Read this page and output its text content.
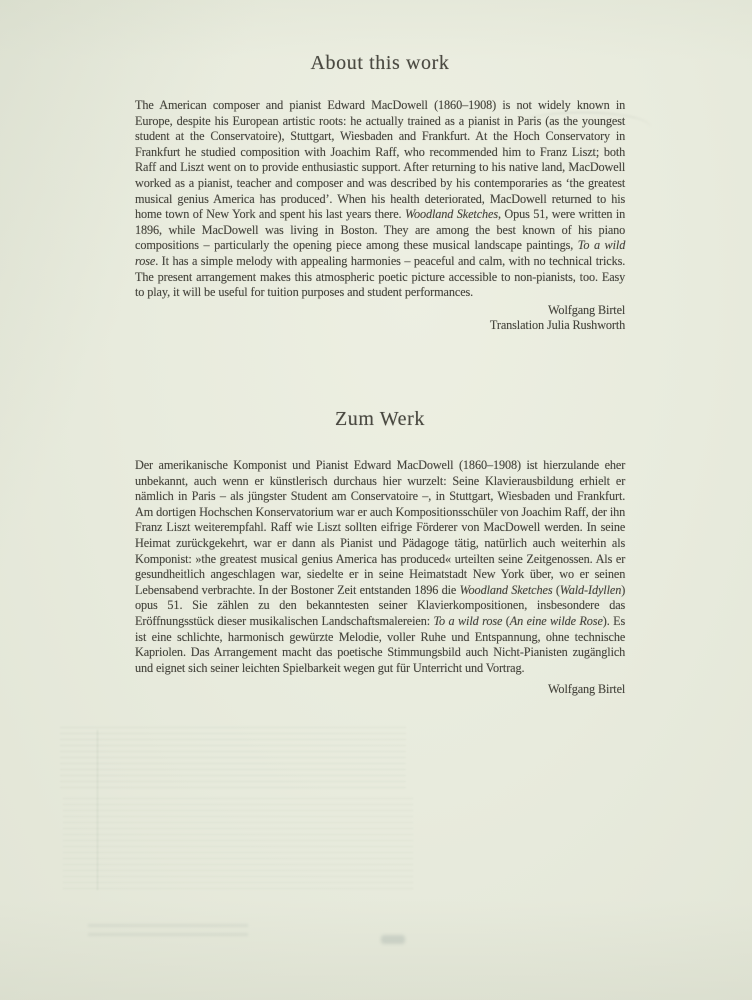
About this work
The American composer and pianist Edward MacDowell (1860–1908) is not widely known in Europe, despite his European artistic roots: he actually trained as a pianist in Paris (as the youngest student at the Conservatoire), Stuttgart, Wiesbaden and Frankfurt. At the Hoch Conservatory in Frankfurt he studied composition with Joachim Raff, who recommended him to Franz Liszt; both Raff and Liszt went on to provide enthusiastic support. After returning to his native land, MacDowell worked as a pianist, teacher and composer and was described by his contemporaries as ‘the greatest musical genius America has produced’. When his health deteriorated, MacDowell returned to his home town of New York and spent his last years there. Woodland Sketches, Opus 51, were written in 1896, while MacDowell was living in Boston. They are among the best known of his piano compositions – particularly the opening piece among these musical landscape paintings, To a wild rose. It has a simple melody with appealing harmonies – peaceful and calm, with no technical tricks. The present arrangement makes this atmospheric poetic picture accessible to non-pianists, too. Easy to play, it will be useful for tuition purposes and student performances.
Wolfgang Birtel
Translation Julia Rushworth
Zum Werk
Der amerikanische Komponist und Pianist Edward MacDowell (1860–1908) ist hierzulande eher unbekannt, auch wenn er künstlerisch durchaus hier wurzelt: Seine Klavierausbildung erhielt er nämlich in Paris – als jüngster Student am Conservatoire –, in Stuttgart, Wiesbaden und Frankfurt. Am dortigen Hochschen Konservatorium war er auch Kompositionsschüler von Joachim Raff, der ihn Franz Liszt weiterempfahl. Raff wie Liszt sollten eifrige Förderer von MacDowell werden. In seine Heimat zurückgekehrt, war er dann als Pianist und Pädagoge tätig, natürlich auch weiterhin als Komponist: »the greatest musical genius America has produced« urteilten seine Zeitgenossen. Als er gesundheitlich angeschlagen war, siedelte er in seine Heimatstadt New York über, wo er seinen Lebensabend verbrachte. In der Bostoner Zeit entstanden 1896 die Woodland Sketches (Wald-Idyllen) opus 51. Sie zählen zu den bekanntesten seiner Klavierkompositionen, insbesondere das Eröffnungsstück dieser musikalischen Landschaftsmalereien: To a wild rose (An eine wilde Rose). Es ist eine schlichte, harmonisch gewürzte Melodie, voller Ruhe und Entspannung, ohne technische Kapriolen. Das Arrangement macht das poetische Stimmungsbild auch Nicht-Pianisten zugänglich und eignet sich seiner leichten Spielbarkeit wegen gut für Unterricht und Vortrag.
Wolfgang Birtel
